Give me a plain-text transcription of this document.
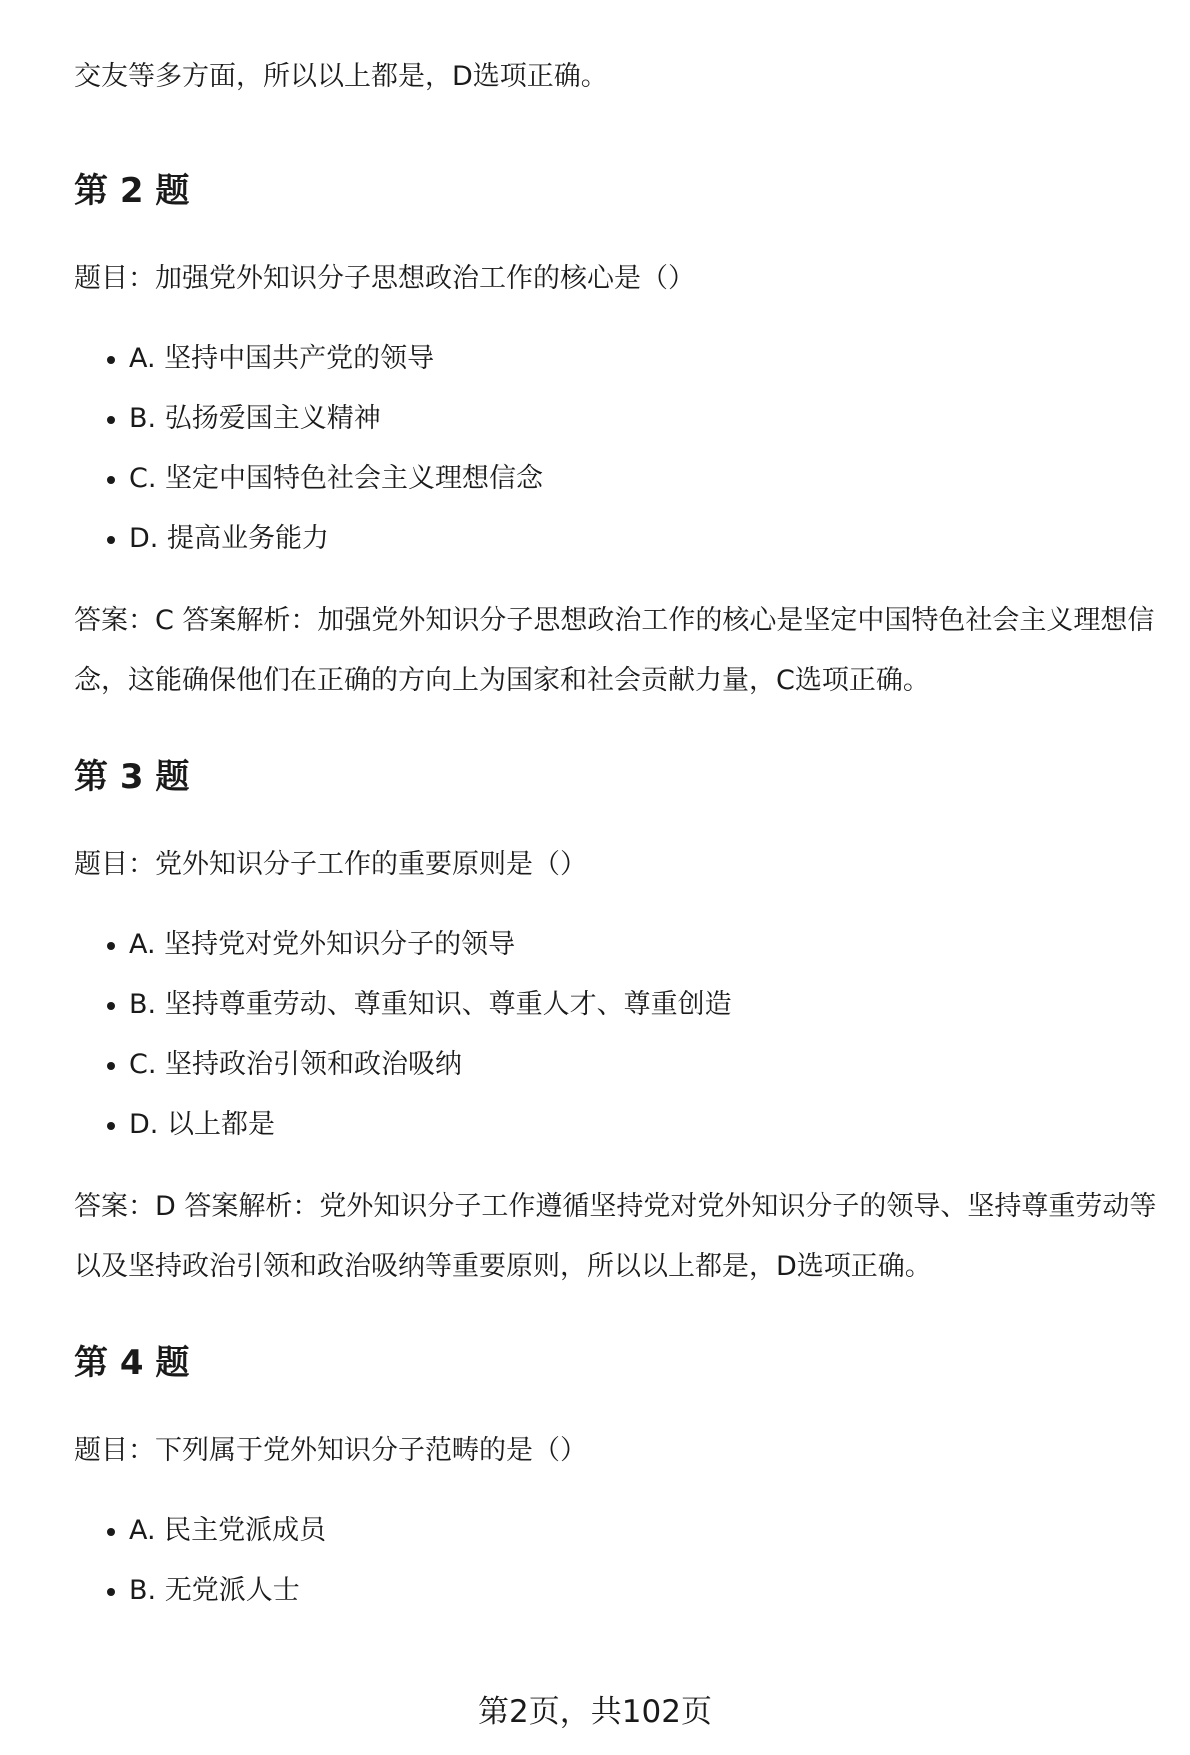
交友等多方面，所以以上都是，D选项正确。

第 2 题

题目：加强党外知识分子思想政治工作的核心是（）

A. 坚持中国共产党的领导
B. 弘扬爱国主义精神
C. 坚定中国特色社会主义理想信念
D. 提高业务能力

答案：C 答案解析：加强党外知识分子思想政治工作的核心是坚定中国特色社会主义理想信念，这能确保他们在正确的方向上为国家和社会贡献力量，C选项正确。

第 3 题

题目：党外知识分子工作的重要原则是（）

A. 坚持党对党外知识分子的领导
B. 坚持尊重劳动、尊重知识、尊重人才、尊重创造
C. 坚持政治引领和政治吸纳
D. 以上都是

答案：D 答案解析：党外知识分子工作遵循坚持党对党外知识分子的领导、坚持尊重劳动等以及坚持政治引领和政治吸纳等重要原则，所以以上都是，D选项正确。

第 4 题

题目：下列属于党外知识分子范畴的是（）

A. 民主党派成员
B. 无党派人士
第2页，共102页
